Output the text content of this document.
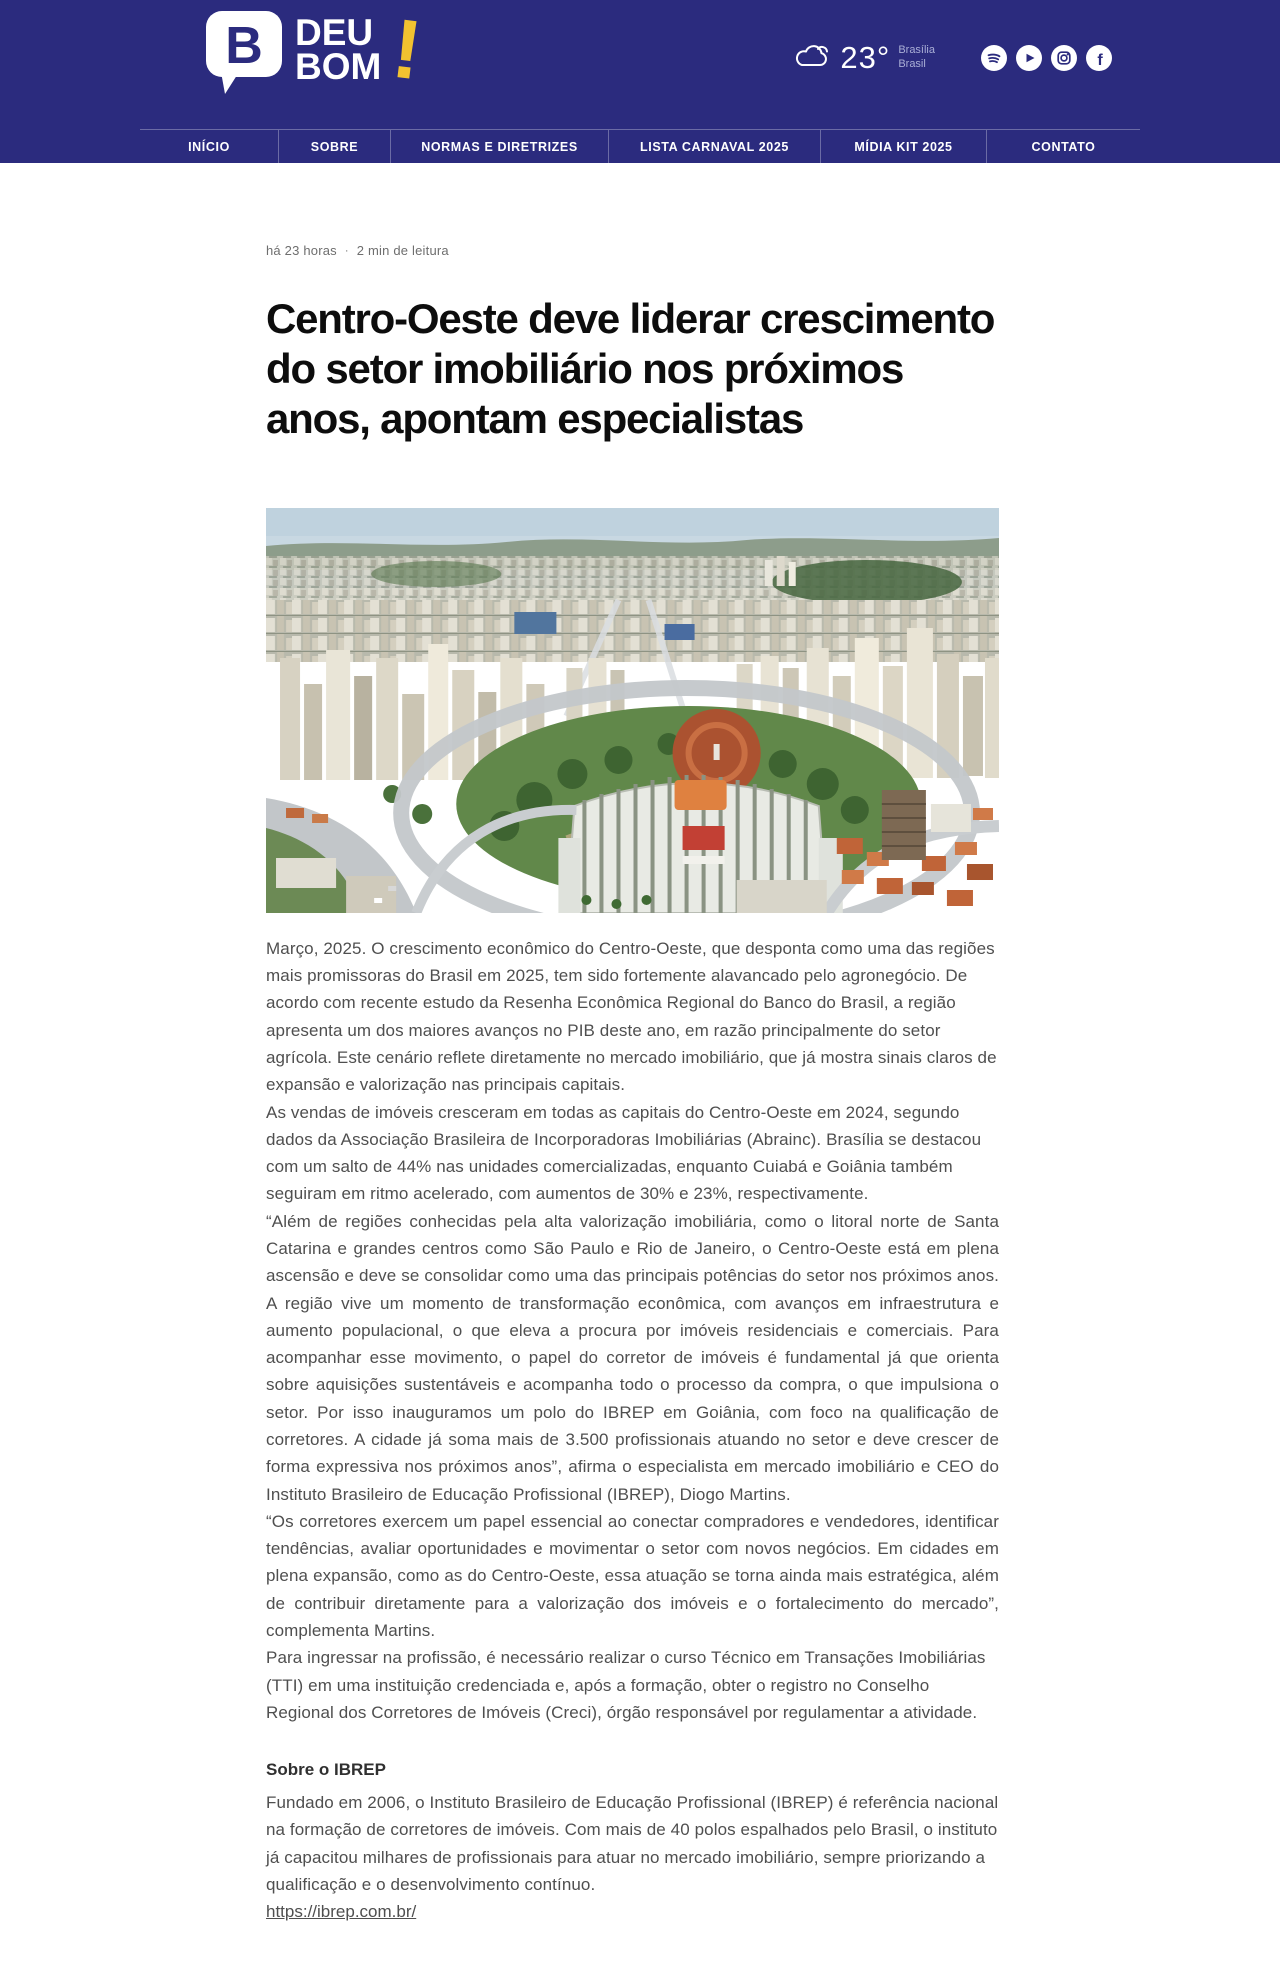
B DEU
BOM !	23° Brasília
Brasil	f
INÍCIO	SOBRE	NORMAS E DIRETRIZES	LISTA CARNAVAL 2025	MÍDIA KIT 2025	CONTATO
há 23 horas · 2 min de leitura
Centro-Oeste deve liderar crescimento do setor imobiliário nos próximos anos, apontam especialistas

Março, 2025. O crescimento econômico do Centro-Oeste, que desponta como uma das regiões mais promissoras do Brasil em 2025, tem sido fortemente alavancado pelo agronegócio. De acordo com recente estudo da Resenha Econômica Regional do Banco do Brasil, a região apresenta um dos maiores avanços no PIB deste ano, em razão principalmente do setor agrícola. Este cenário reflete diretamente no mercado imobiliário, que já mostra sinais claros de expansão e valorização nas principais capitais.

As vendas de imóveis cresceram em todas as capitais do Centro-Oeste em 2024, segundo dados da Associação Brasileira de Incorporadoras Imobiliárias (Abrainc). Brasília se destacou com um salto de 44% nas unidades comercializadas, enquanto Cuiabá e Goiânia também seguiram em ritmo acelerado, com aumentos de 30% e 23%, respectivamente.

“Além de regiões conhecidas pela alta valorização imobiliária, como o litoral norte de Santa Catarina e grandes centros como São Paulo e Rio de Janeiro, o Centro-Oeste está em plena ascensão e deve se consolidar como uma das principais potências do setor nos próximos anos. A região vive um momento de transformação econômica, com avanços em infraestrutura e aumento populacional, o que eleva a procura por imóveis residenciais e comerciais. Para acompanhar esse movimento, o papel do corretor de imóveis é fundamental já que orienta sobre aquisições sustentáveis e acompanha todo o processo da compra, o que impulsiona o setor. Por isso inauguramos um polo do IBREP em Goiânia, com foco na qualificação de corretores. A cidade já soma mais de 3.500 profissionais atuando no setor e deve crescer de forma expressiva nos próximos anos”, afirma o especialista em mercado imobiliário e CEO do Instituto Brasileiro de Educação Profissional (IBREP), Diogo Martins.

“Os corretores exercem um papel essencial ao conectar compradores e vendedores, identificar tendências, avaliar oportunidades e movimentar o setor com novos negócios. Em cidades em plena expansão, como as do Centro-Oeste, essa atuação se torna ainda mais estratégica, além de contribuir diretamente para a valorização dos imóveis e o fortalecimento do mercado”, complementa Martins.

Para ingressar na profissão, é necessário realizar o curso Técnico em Transações Imobiliárias (TTI) em uma instituição credenciada e, após a formação, obter o registro no Conselho Regional dos Corretores de Imóveis (Creci), órgão responsável por regulamentar a atividade.

Sobre o IBREP

Fundado em 2006, o Instituto Brasileiro de Educação Profissional (IBREP) é referência nacional na formação de corretores de imóveis. Com mais de 40 polos espalhados pelo Brasil, o instituto já capacitou milhares de profissionais para atuar no mercado imobiliário, sempre priorizando a qualificação e o desenvolvimento contínuo.

https://ibrep.com.br/
